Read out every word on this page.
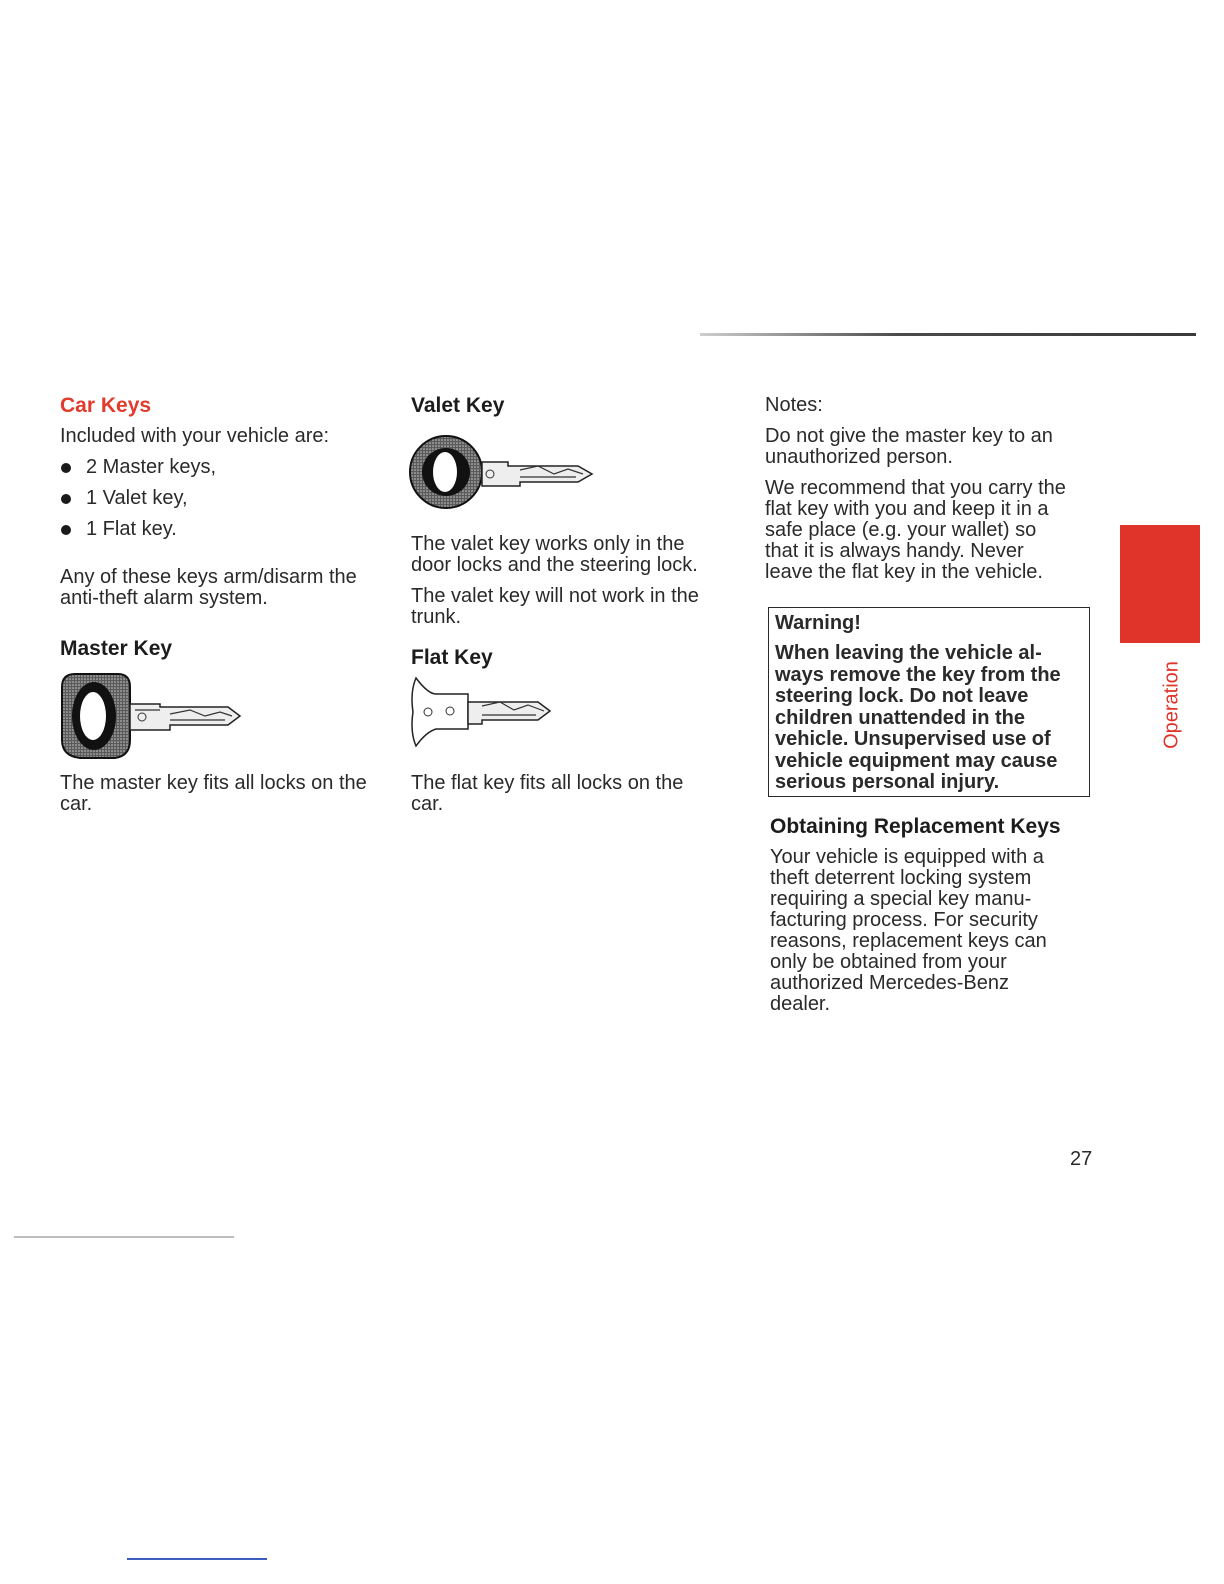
Car Keys

Included with your vehicle are:

2 Master keys,
1 Valet key,
1 Flat key.

Any of these keys arm/disarm the

anti-theft alarm system.

Master Key

The master key fits all locks on the

car.

Valet Key

The valet key works only in the

door locks and the steering lock.

The valet key will not work in the

trunk.

Flat Key

The flat key fits all locks on the

car.

Notes:

Do not give the master key to an

unauthorized person.

We recommend that you carry the

flat key with you and keep it in a

safe place (e.g. your wallet) so

that it is always handy. Never

leave the flat key in the vehicle.

Warning!
When leaving the vehicle al-
ways remove the key from the
steering lock. Do not leave
children unattended in the
vehicle. Unsupervised use of
vehicle equipment may cause
serious personal injury.

Obtaining Replacement Keys

Your vehicle is equipped with a

theft deterrent locking system

requiring a special key manu-

facturing process. For security

reasons, replacement keys can

only be obtained from your

authorized Mercedes-Benz

dealer.

Operation
27
